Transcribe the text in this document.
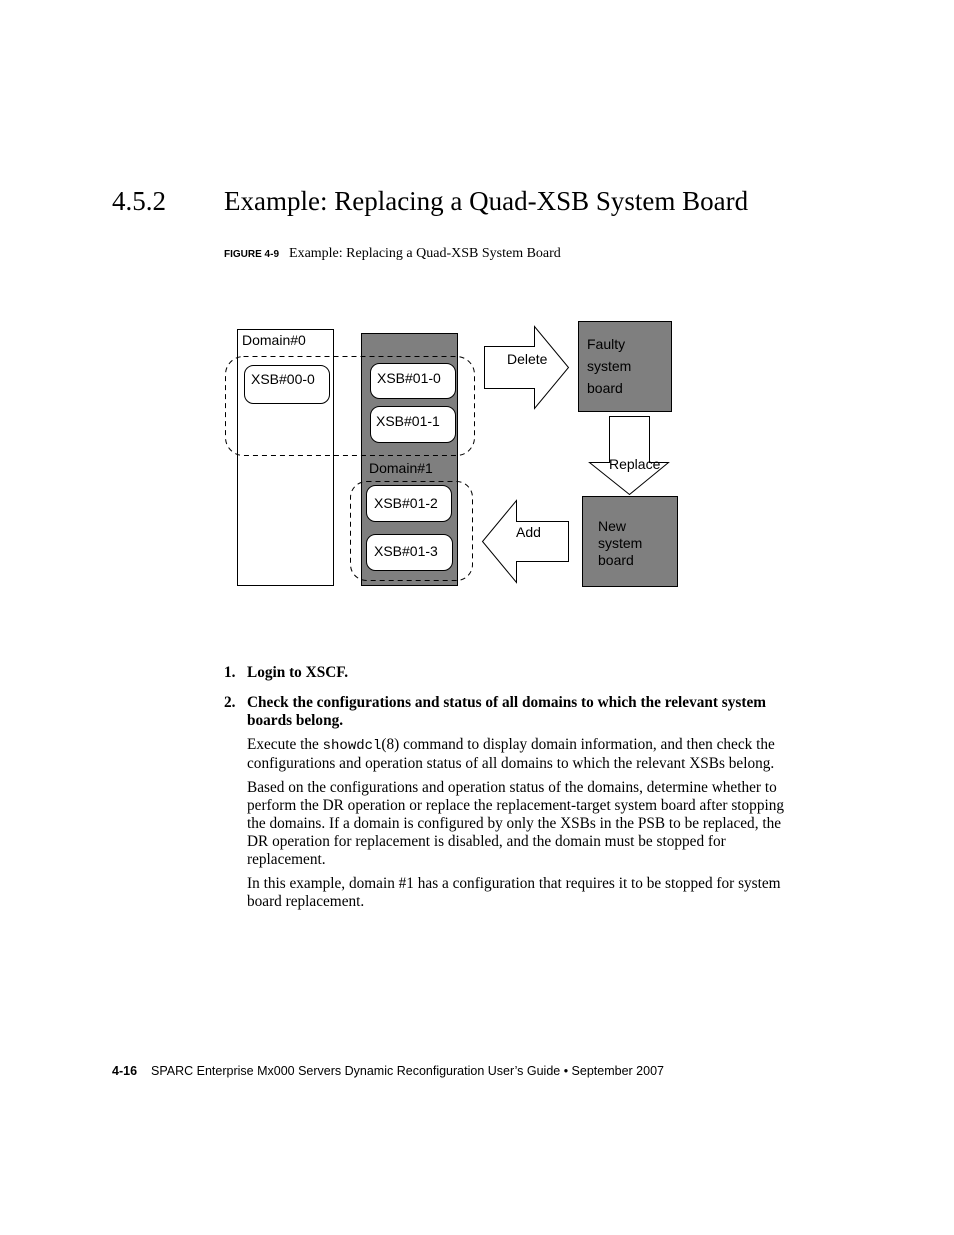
4.5.2 Example: Replacing a Quad-XSB System Board
FIGURE 4-9 Example: Replacing a Quad-XSB System Board
Domain#0
XSB#00-0	XSB#01-0
XSB#01-1
Domain#1
XSB#01-2
XSB#01-3
Delete
Faulty
system
board
Replace
New
system
board
Add
1. Login to XSCF.
2. Check the configurations and status of all domains to which the relevant system boards belong.
Execute the showdcl(8) command to display domain information, and then check the configurations and operation status of all domains to which the relevant XSBs belong.
Based on the configurations and operation status of the domains, determine whether to perform the DR operation or replace the replacement-target system board after stopping the domains. If a domain is configured by only the XSBs in the PSB to be replaced, the DR operation for replacement is disabled, and the domain must be stopped for replacement.
In this example, domain #1 has a configuration that requires it to be stopped for system board replacement.
4-16 SPARC Enterprise Mx000 Servers Dynamic Reconfiguration User’s Guide • September 2007
